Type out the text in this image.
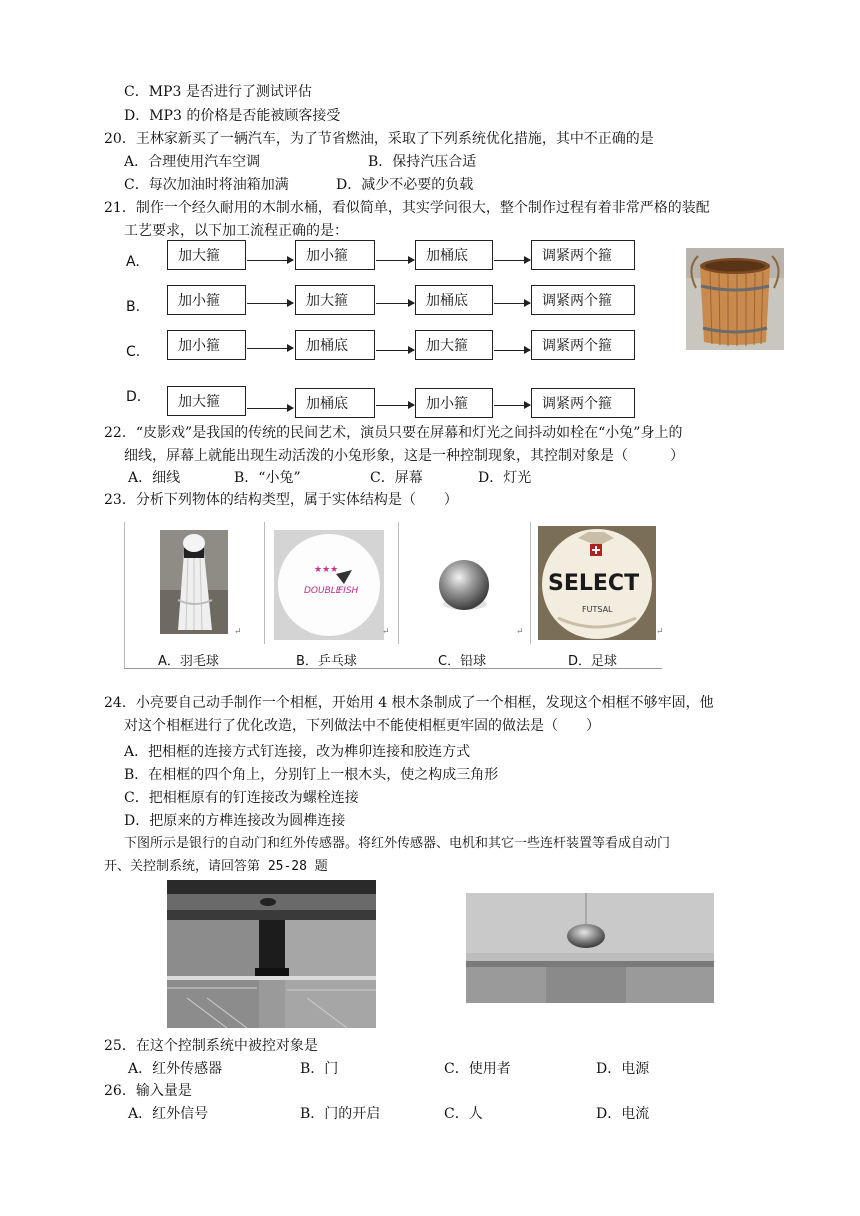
C．MP3 是否进行了测试评估
D．MP3 的价格是否能被顾客接受
20．王林家新买了一辆汽车，为了节省燃油，采取了下列系统优化措施，其中不正确的是
A．合理使用汽车空调	B．保持汽压合适
C．每次加油时将油箱加满	D．减少不必要的负载
21．制作一个经久耐用的木制水桶，看似简单，其实学问很大，整个制作过程有着非常严格的装配
工艺要求，以下加工流程正确的是：
A.	加大箍	加小箍	加桶底	调紧两个箍
B.	加小箍	加大箍	加桶底	调紧两个箍
C.	加小箍	加桶底	加大箍	调紧两个箍
D.	加大箍	加桶底	加小箍	调紧两个箍
22．“皮影戏”是我国的传统的民间艺术，演员只要在屏幕和灯光之间抖动如栓在“小兔”身上的
细线，屏幕上就能出现生动活泼的小兔形象，这是一种控制现象，其控制对象是（　　　）
A．细线	B．“小兔”	C．屏幕	D．灯光
23．分析下列物体的结构类型，属于实体结构是（　　）
↵
★★★
DOUBLE
FISH
↵	↵
SELECT
FUTSAL
↵
A．羽毛球	B．乒乓球	C．铅球	D．足球
24．小亮要自己动手制作一个相框，开始用 4 根木条制成了一个相框，发现这个相框不够牢固，他
对这个相框进行了优化改造，下列做法中不能使相框更牢固的做法是（　　）
A．把相框的连接方式钉连接，改为榫卯连接和胶连方式
B．在相框的四个角上，分别钉上一根木头，使之构成三角形
C．把相框原有的钉连接改为螺栓连接
D．把原来的方榫连接改为圆榫连接
下图所示是银行的自动门和红外传感器。将红外传感器、电机和其它一些连杆装置等看成自动门
开、关控制系统，请回答第 25-28 题
25．在这个控制系统中被控对象是
A．红外传感器	B．门	C．使用者	D．电源
26．输入量是
A．红外信号	B．门的开启	C．人	D．电流
